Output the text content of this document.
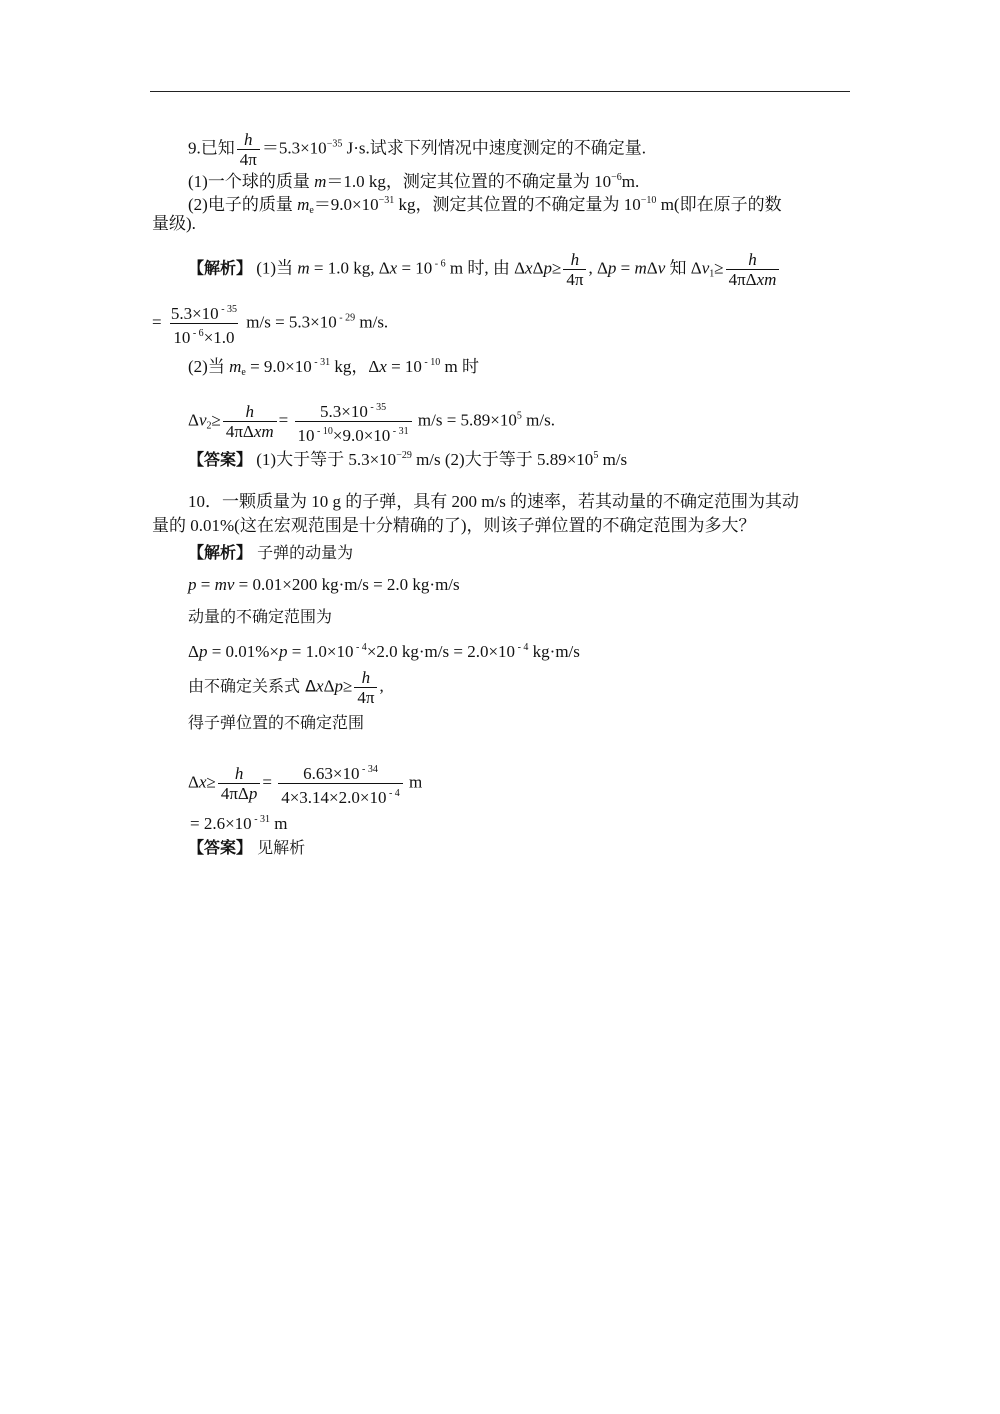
9.已知 $\frac{h}{4\pi} =5.3\times 10^{-35}$ J·s.试求下列情况中速度测定的不确定量.
(1)一个球的质量 m＝1.0 kg，测定其位置的不确定量为 $10^{-6}m$.
(2)电子的质量 $m_e=9.0\times 10^{-31}$ kg，测定其位置的不确定量为 $10^{-10}$ m(即在原子的数
量级).
【解析】 (1)当 m = 1.0 kg, Δx = 10 $^{- 6}$ m 时, 由 $\Delta x\Delta p\ge \frac{h}{4\pi}$ , Δp = mΔv 知 $\Delta v_1\ge h$
4πΔxm
= $\frac{5.3\times 10 ^{- 35}}{10 ^{- 6}\times 1.0} m/s = 5.3\times 10$ $^{- 29}$ m/s.
(2)当 $m_e = 9.0\times 10$ $^{- 31}$ kg，Δx = 10 $^{- 10}$ m 时
$\Delta v_2\ge h$
4πΔxm
= $\frac{5.3\times 10 ^{- 35}}{10 ^{- 10}\times 9.0\times 10 ^{- 31}} m/s = 5.89\times 10^5$ m/s.
【答案】 (1)大于等于 $5.3\times 10^{-29}$ m/s (2)大于等于 $5.89\times 10^5$ m/s
10．一颗质量为 10 g 的子弹，具有 200 m/s 的速率，若其动量的不确定范围为其动
量的 0.01%(这在宏观范围是十分精确的了)，则该子弹位置的不确定范围为多大？
【解析】 子弹的动量为
p = mv = 0.01×200 kg·m/s = 2.0 kg·m/s
动量的不确定范围为
Δp = 0.01%×p = 1.0×10 $^{- 4}$×2.0 kg·m/s = 2.0×10 $^{- 4}$ kg·m/s
由不确定关系式 $\Delta x\Delta p\ge \frac{h}{4\pi}$ ,
得子弹位置的不确定范围
Δx≥ h
4πΔp
= $\frac{6.63\times 10 ^{- 34}}{4\times 3.14\times 2.0\times 10 ^{- 4}}$ m
= 2.6×10 $^{- 31}$ m
【答案】 见解析
